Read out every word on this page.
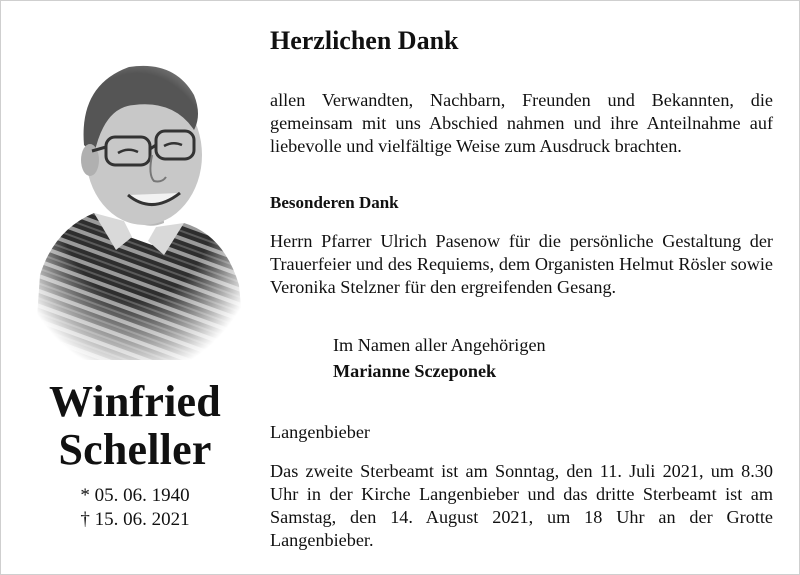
Winfried
Scheller
* 05. 06. 1940
† 15. 06. 2021
Herzlichen Dank
allen Verwandten, Nachbarn, Freunden und Bekannten, die gemeinsam mit uns Abschied nahmen und ihre Anteilnahme auf liebevolle und vielfältige Weise zum Ausdruck brachten.
Besonderen Dank
Herrn Pfarrer Ulrich Pasenow für die persönliche Gestaltung der Trauerfeier und des Requiems, dem Organisten Helmut Rösler sowie Veronika Stelzner für den ergreifenden Gesang.
Im Namen aller Angehörigen
Marianne Sczeponek
Langenbieber
Das zweite Sterbeamt ist am Sonntag, den 11. Juli 2021, um 8.30 Uhr in der Kirche Langenbieber und das dritte Sterbeamt ist am Samstag, den 14. August 2021, um 18 Uhr an der Grotte Langenbieber.
